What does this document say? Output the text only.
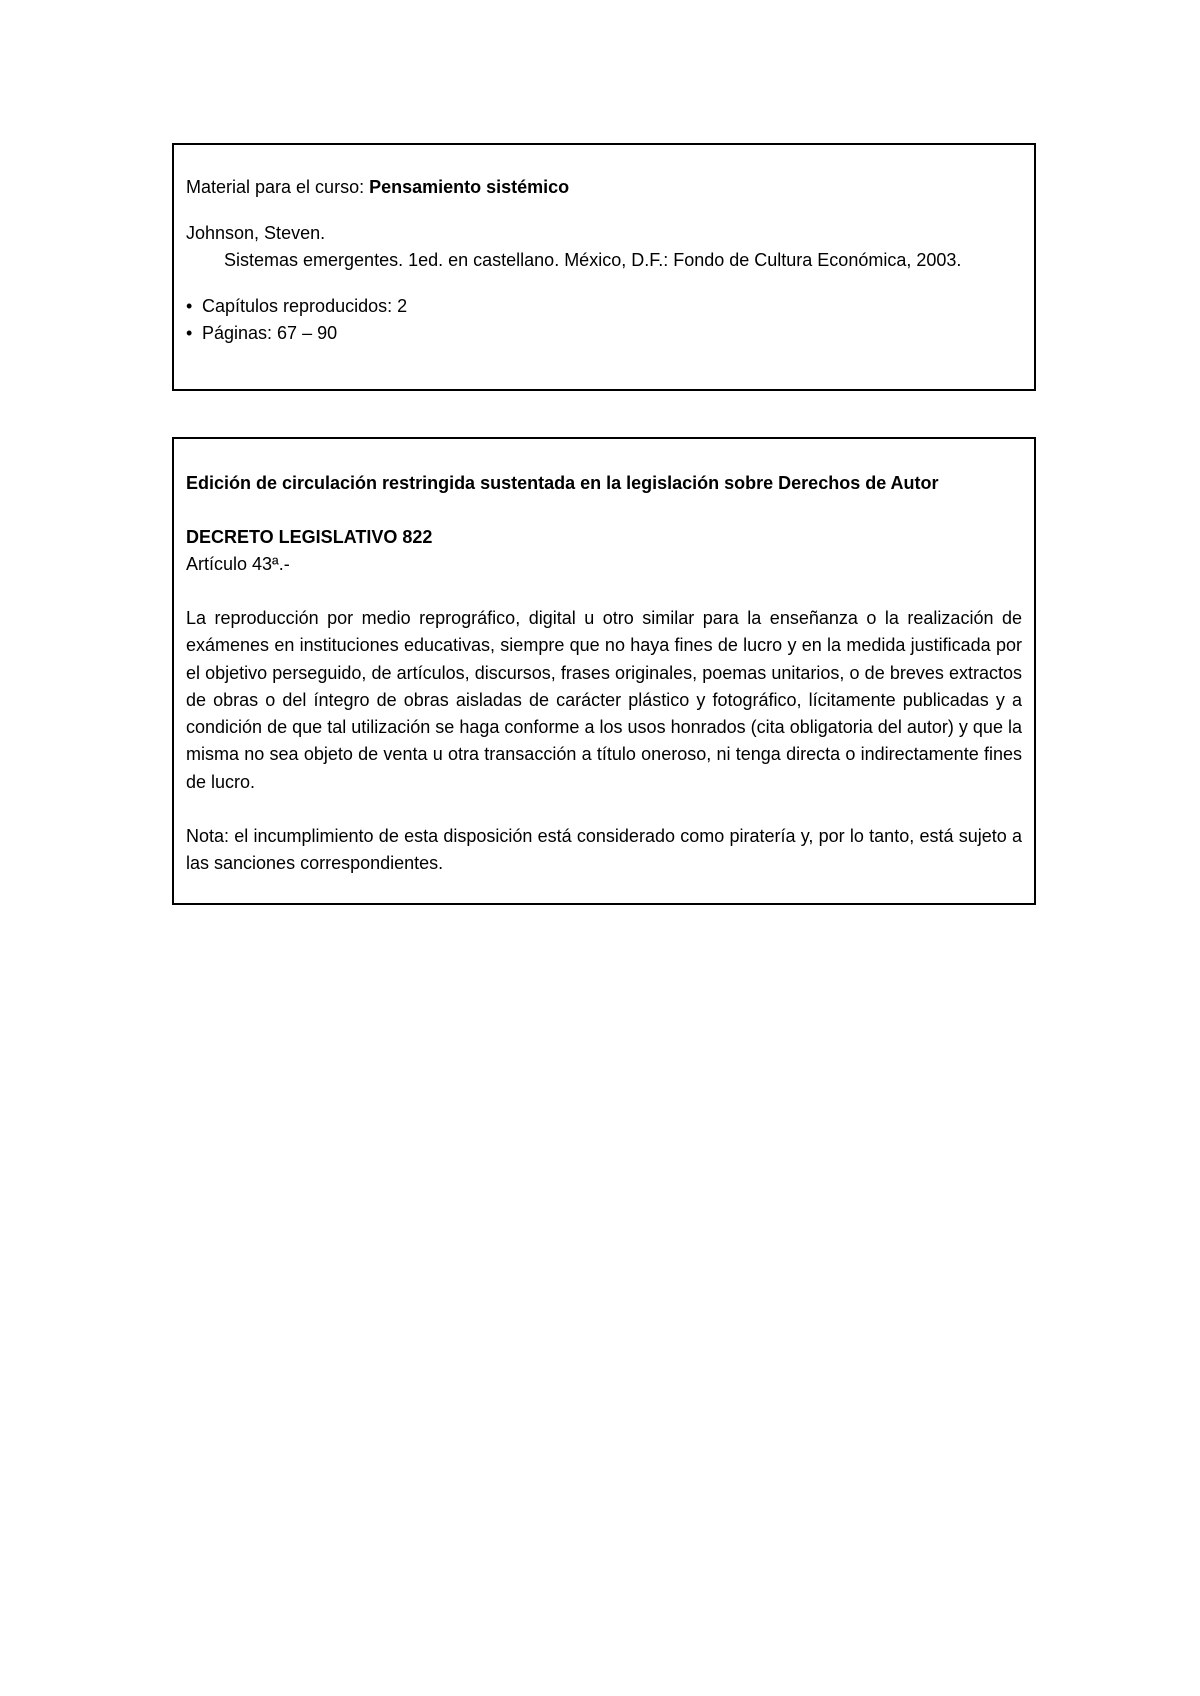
Material para el curso: Pensamiento sistémico
Johnson, Steven.
Sistemas emergentes. 1ed. en castellano. México, D.F.: Fondo de Cultura Económica, 2003.
• Capítulos reproducidos: 2
• Páginas: 67 – 90
Edición de circulación restringida sustentada en la legislación sobre Derechos de Autor
DECRETO LEGISLATIVO 822
Artículo 43ª.-
La reproducción por medio reprográfico, digital u otro similar para la enseñanza o la realización de exámenes en instituciones educativas, siempre que no haya fines de lucro y en la medida justificada por el objetivo perseguido, de artículos, discursos, frases originales, poemas unitarios, o de breves extractos de obras o del íntegro de obras aisladas de carácter plástico y fotográfico, lícitamente publicadas y a condición de que tal utilización se haga conforme a los usos honrados (cita obligatoria del autor) y que la misma no sea objeto de venta u otra transacción a título oneroso, ni tenga directa o indirectamente fines de lucro.
Nota: el incumplimiento de esta disposición está considerado como piratería y, por lo tanto, está sujeto a las sanciones correspondientes.
